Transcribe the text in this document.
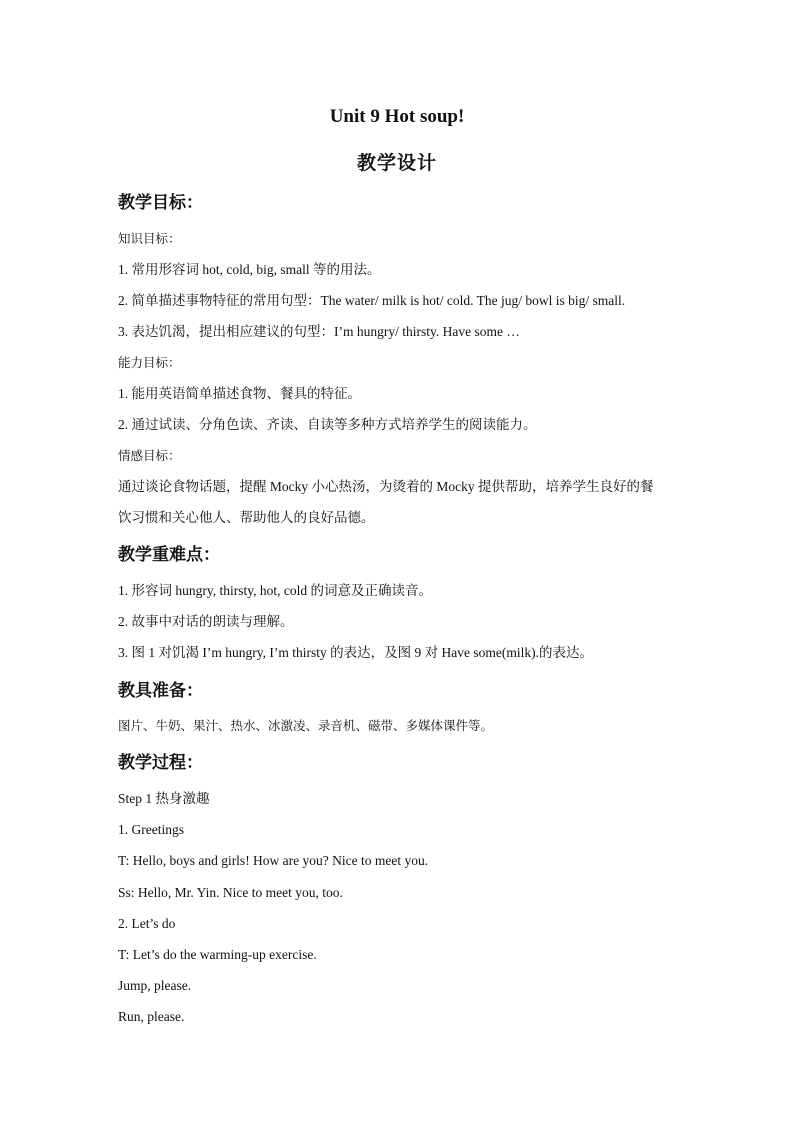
Unit 9 Hot soup!
教学设计
教学目标：
知识目标：
1. 常用形容词 hot, cold, big, small 等的用法。
2. 简单描述事物特征的常用句型：The water/ milk is hot/ cold. The jug/ bowl is big/ small.
3. 表达饥渴，提出相应建议的句型：I’m hungry/ thirsty. Have some …
能力目标：
1. 能用英语简单描述食物、餐具的特征。
2. 通过试读、分角色读、齐读、自读等多种方式培养学生的阅读能力。
情感目标：
通过谈论食物话题，提醒 Mocky 小心热汤，为烫着的 Mocky 提供帮助，培养学生良好的餐
饮习惯和关心他人、帮助他人的良好品德。
教学重难点：
1. 形容词 hungry, thirsty, hot, cold 的词意及正确读音。
2. 故事中对话的朗读与理解。
3. 图 1 对饥渴 I’m hungry, I’m thirsty 的表达，及图 9 对 Have some(milk).的表达。
教具准备：
图片、牛奶、果汁、热水、冰激凌、录音机、磁带、多媒体课件等。
教学过程：
Step 1 热身激趣
1. Greetings
T: Hello, boys and girls! How are you? Nice to meet you.
Ss: Hello, Mr. Yin. Nice to meet you, too.
2. Let’s do
T: Let’s do the warming-up exercise.
Jump, please.
Run, please.
